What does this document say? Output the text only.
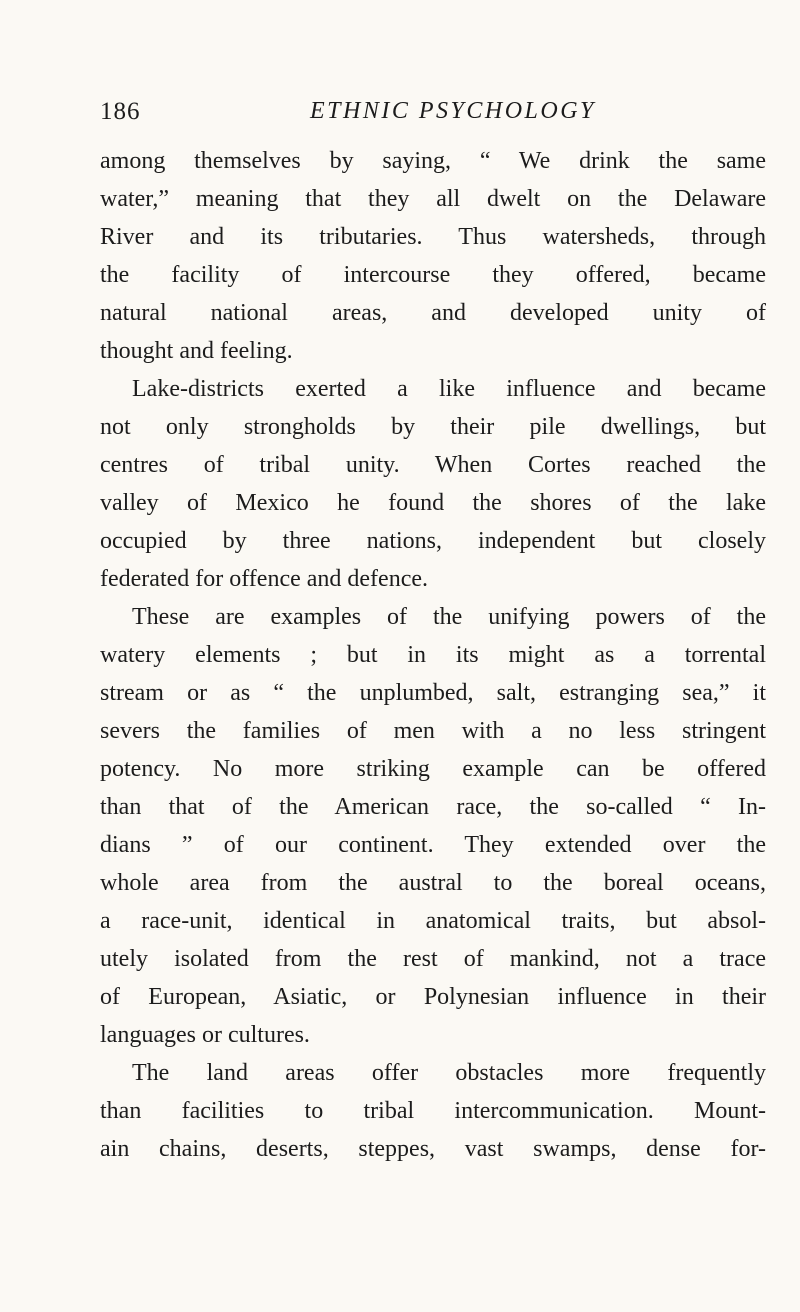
186	ETHNIC PSYCHOLOGY
among themselves by saying, “ We drink the same
water,” meaning that they all dwelt on the Delaware
River and its tributaries. Thus watersheds, through
the facility of intercourse they offered, became
natural national areas, and developed unity of
thought and feeling.
Lake-districts exerted a like influence and became
not only strongholds by their pile dwellings, but
centres of tribal unity. When Cortes reached the
valley of Mexico he found the shores of the lake
occupied by three nations, independent but closely
federated for offence and defence.
These are examples of the unifying powers of the
watery elements ; but in its might as a torrental
stream or as “ the unplumbed, salt, estranging sea,” it
severs the families of men with a no less stringent
potency. No more striking example can be offered
than that of the American race, the so-called “ In-
dians ” of our continent. They extended over the
whole area from the austral to the boreal oceans,
a race-unit, identical in anatomical traits, but absol-
utely isolated from the rest of mankind, not a trace
of European, Asiatic, or Polynesian influence in their
languages or cultures.
The land areas offer obstacles more frequently
than facilities to tribal intercommunication. Mount-
ain chains, deserts, steppes, vast swamps, dense for-
